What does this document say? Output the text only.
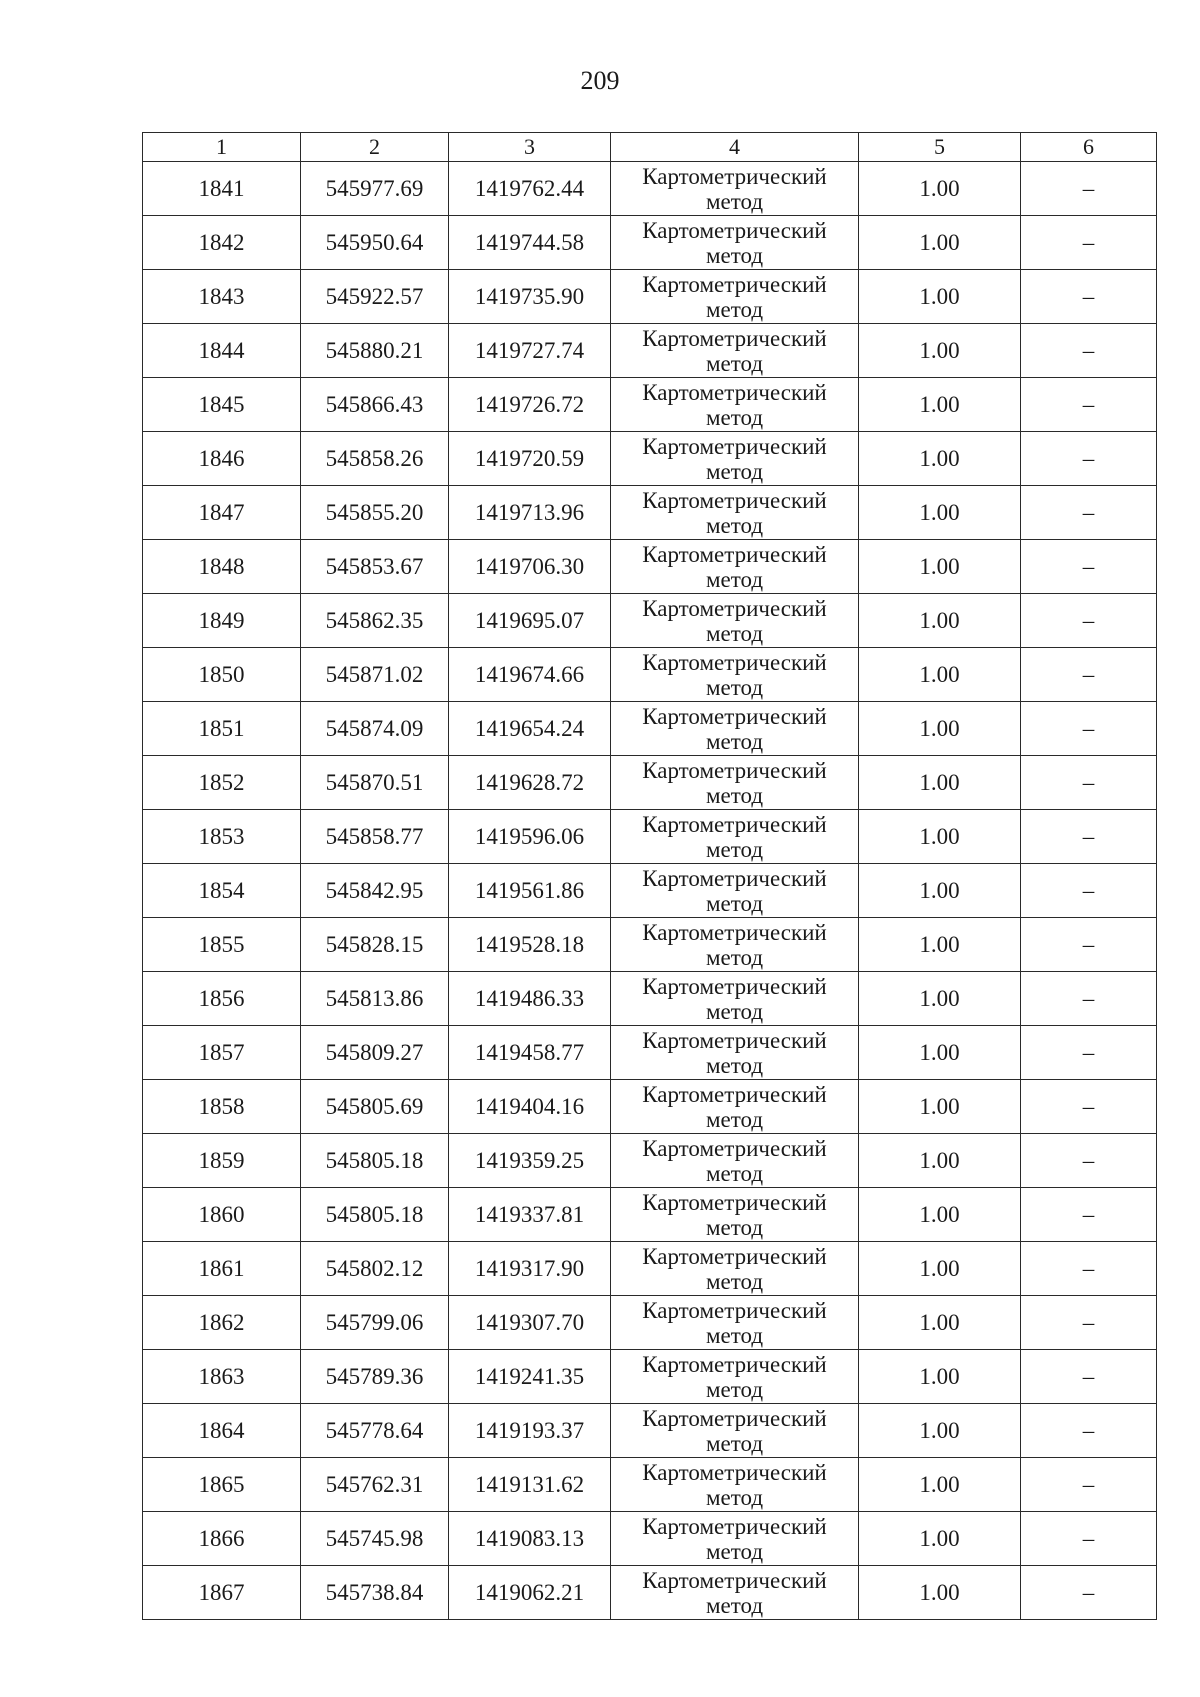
209
1	2	3	4	5	6
1841	545977.69	1419762.44	Картометрический метод	1.00	–
1842	545950.64	1419744.58	Картометрический метод	1.00	–
1843	545922.57	1419735.90	Картометрический метод	1.00	–
1844	545880.21	1419727.74	Картометрический метод	1.00	–
1845	545866.43	1419726.72	Картометрический метод	1.00	–
1846	545858.26	1419720.59	Картометрический метод	1.00	–
1847	545855.20	1419713.96	Картометрический метод	1.00	–
1848	545853.67	1419706.30	Картометрический метод	1.00	–
1849	545862.35	1419695.07	Картометрический метод	1.00	–
1850	545871.02	1419674.66	Картометрический метод	1.00	–
1851	545874.09	1419654.24	Картометрический метод	1.00	–
1852	545870.51	1419628.72	Картометрический метод	1.00	–
1853	545858.77	1419596.06	Картометрический метод	1.00	–
1854	545842.95	1419561.86	Картометрический метод	1.00	–
1855	545828.15	1419528.18	Картометрический метод	1.00	–
1856	545813.86	1419486.33	Картометрический метод	1.00	–
1857	545809.27	1419458.77	Картометрический метод	1.00	–
1858	545805.69	1419404.16	Картометрический метод	1.00	–
1859	545805.18	1419359.25	Картометрический метод	1.00	–
1860	545805.18	1419337.81	Картометрический метод	1.00	–
1861	545802.12	1419317.90	Картометрический метод	1.00	–
1862	545799.06	1419307.70	Картометрический метод	1.00	–
1863	545789.36	1419241.35	Картометрический метод	1.00	–
1864	545778.64	1419193.37	Картометрический метод	1.00	–
1865	545762.31	1419131.62	Картометрический метод	1.00	–
1866	545745.98	1419083.13	Картометрический метод	1.00	–
1867	545738.84	1419062.21	Картометрический метод	1.00	–
